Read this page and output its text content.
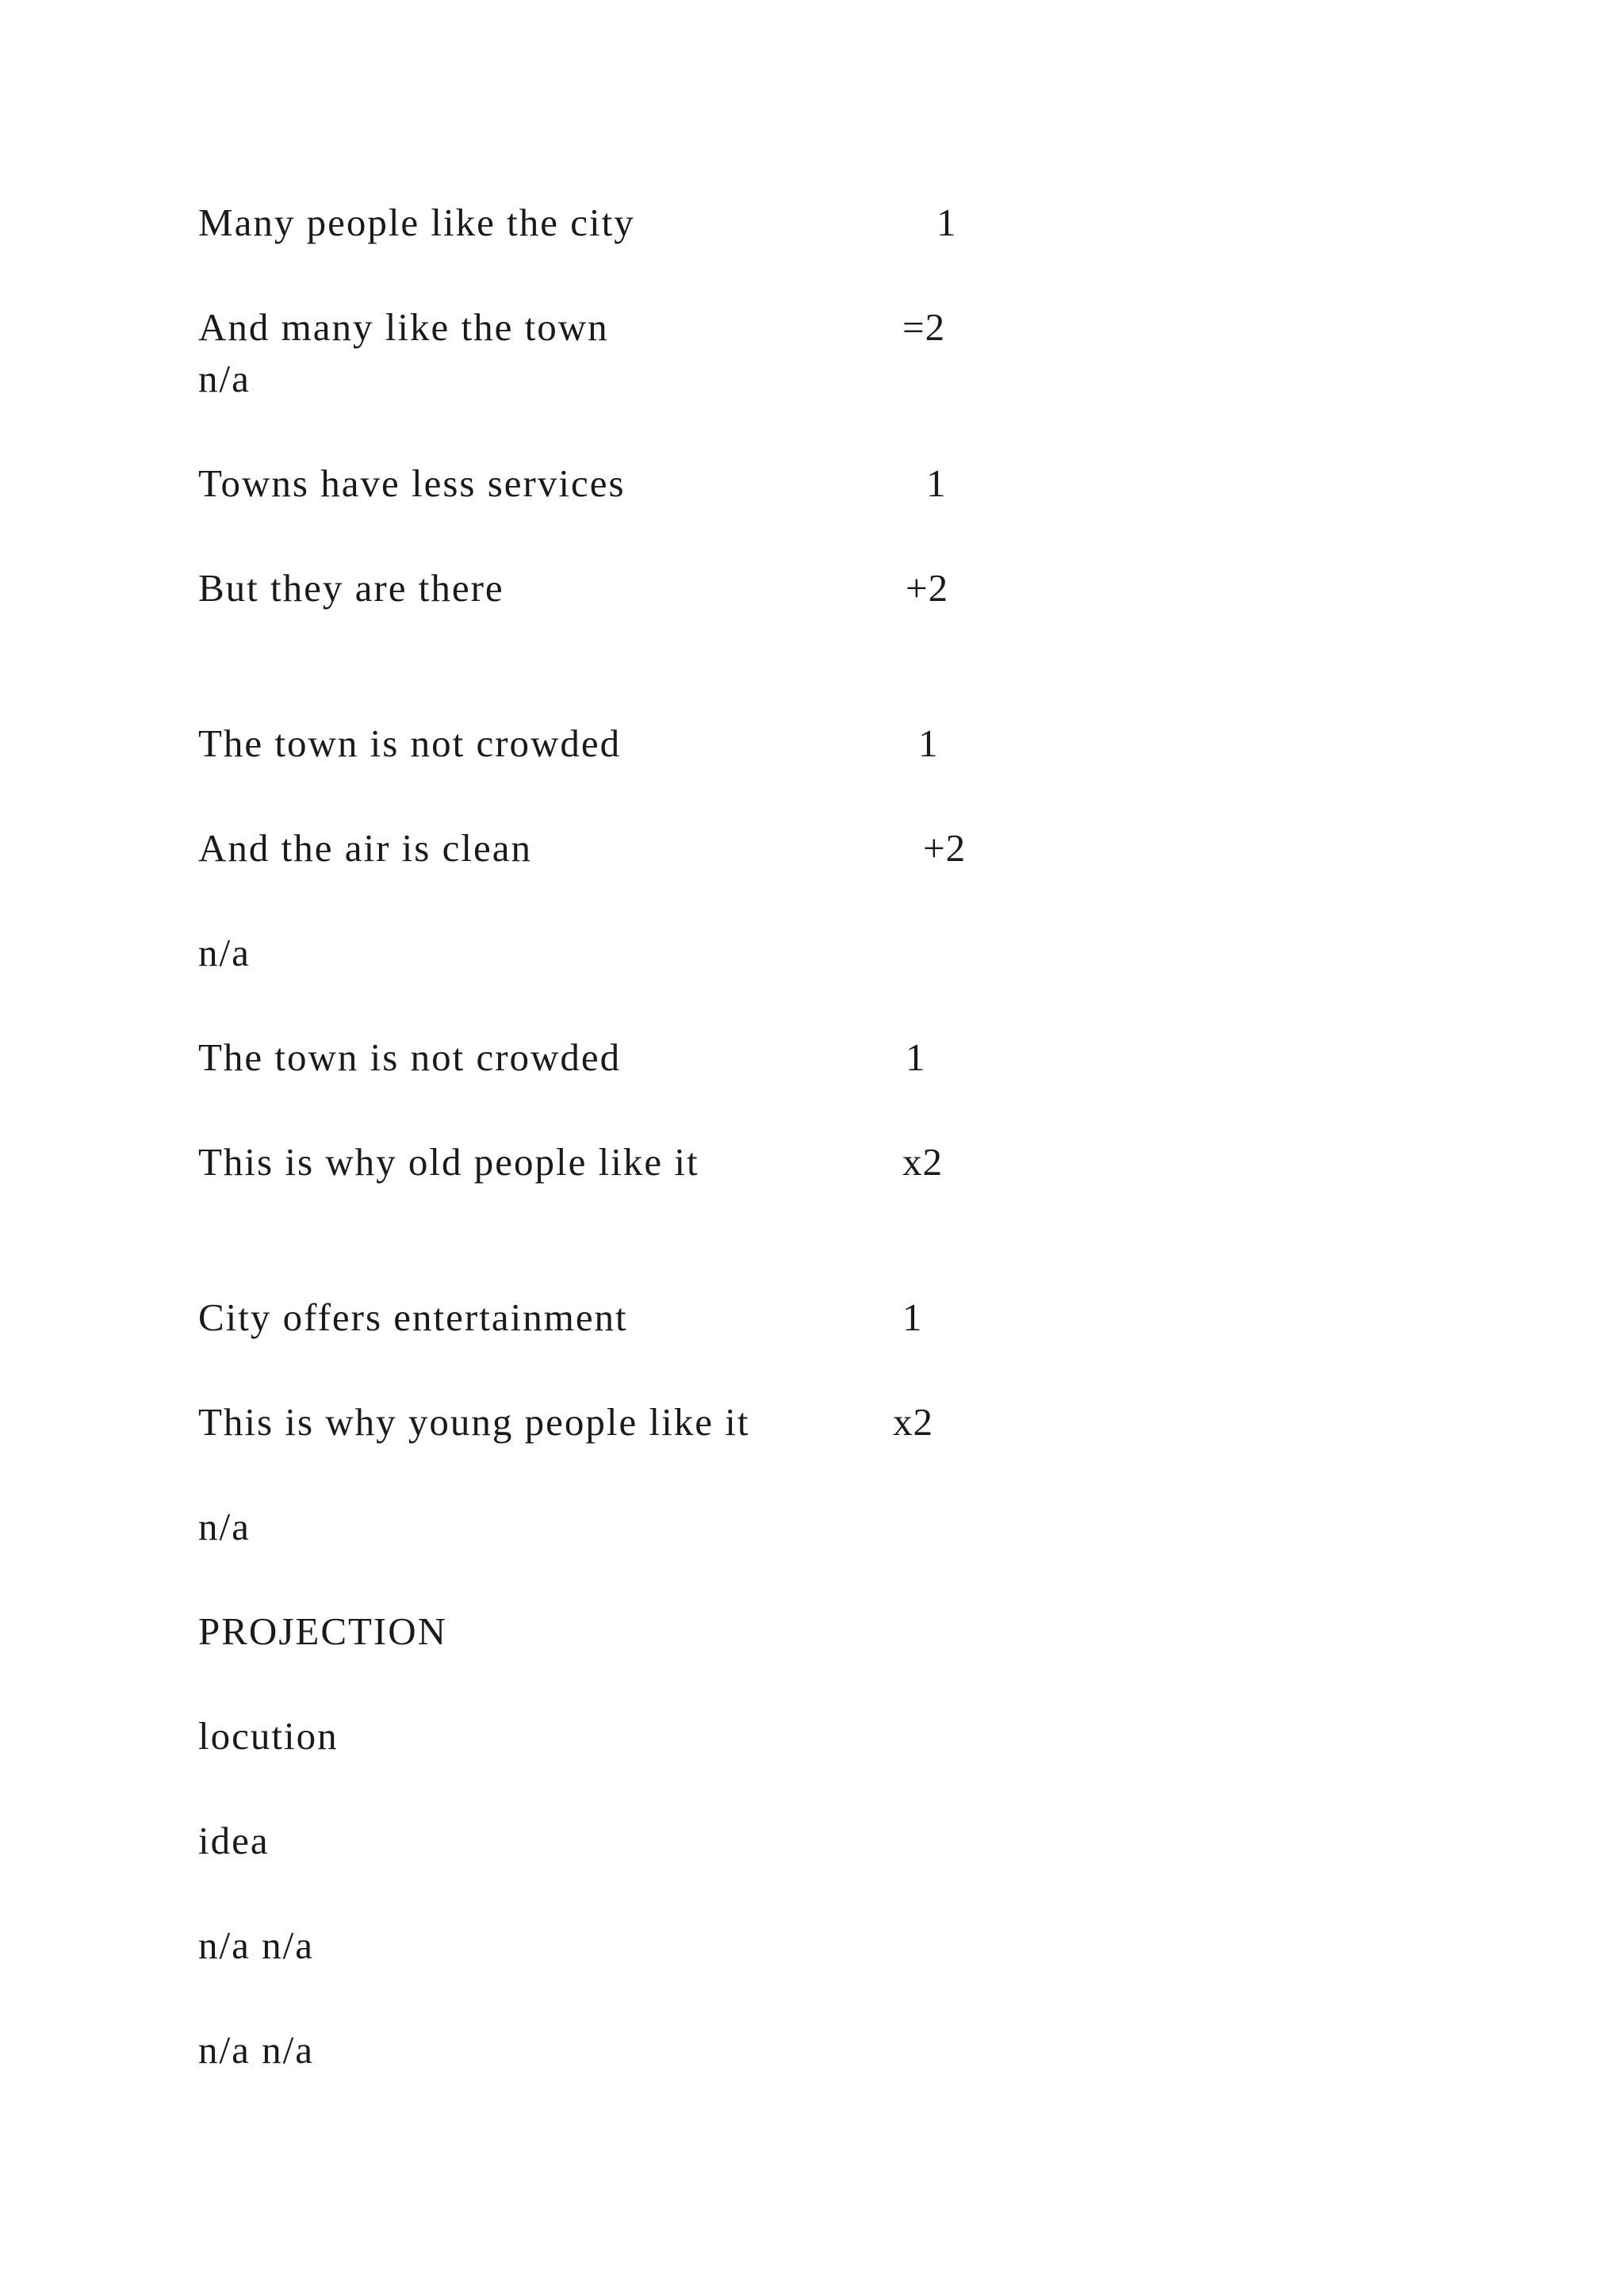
Many people like the city	1
And many like the town	=2
n/a
Towns have less services	1
But they are there	+2
The town is not crowded	1
And the air is clean	+2
n/a
The town is not crowded	1
This is why old people like it	x2
City offers entertainment	1
This is why young people like it	x2
n/a
PROJECTION
locution
idea
n/a n/a
n/a n/a
